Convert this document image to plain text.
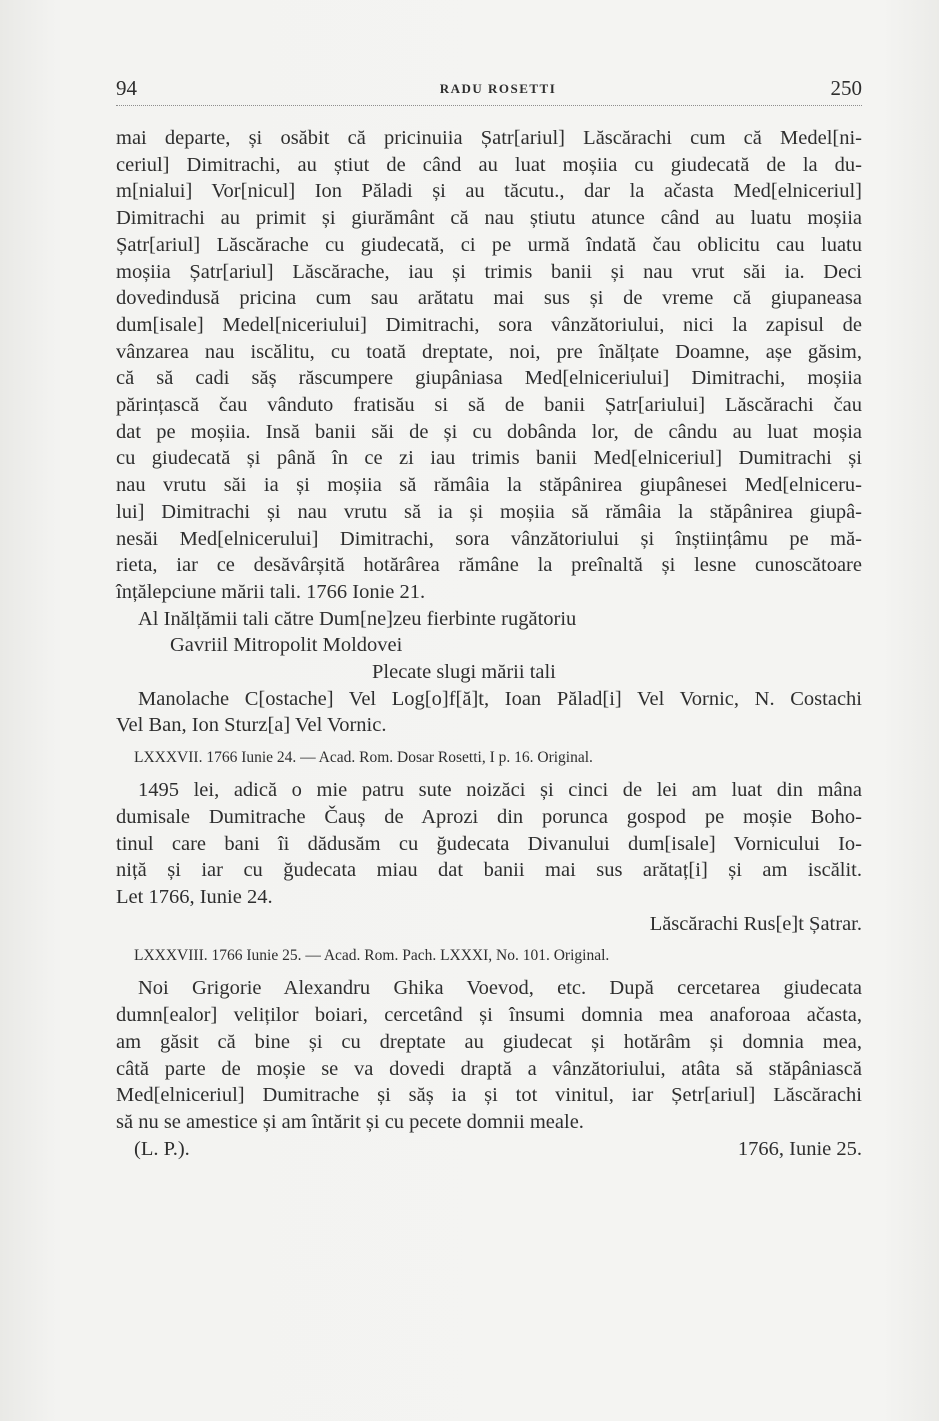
94	RADU ROSETTI	250
mai departe, și osăbit că pricinuiia Șatr[ariul] Lăscărachi cum că Medel[ni-
ceriul] Dimitrachi, au știut de când au luat moșiia cu giudecată de la du-
m[nialui] Vor[nicul] Ion Păladi și au tăcutu., dar la ačasta Med[elniceriul]
Dimitrachi au primit și giurământ că nau știutu atunce când au luatu moșiia
Șatr[ariul] Lăscărache cu giudecată, ci pe urmă îndată čau oblicitu cau luatu
moșiia Șatr[ariul] Lăscărache, iau și trimis banii și nau vrut săi ia. Deci
dovedindusă pricina cum sau arătatu mai sus și de vreme că giupaneasa
dum[isale] Medel[niceriului] Dimitrachi, sora vânzătoriului, nici la zapisul de
vânzarea nau iscălitu, cu toată dreptate, noi, pre înălțate Doamne, așe găsim,
că să cadi săș răscumpere giupâniasa Med[elniceriului] Dimitrachi, moșiia
părințască čau vânduto fratisău si să de banii Șatr[ariului] Lăscărachi čau
dat pe moșiia. Insă banii săi de și cu dobânda lor, de cându au luat moșia
cu giudecată și până în ce zi iau trimis banii Med[elniceriul] Dumitrachi și
nau vrutu săi ia și moșiia să rămâia la stăpânirea giupânesei Med[elniceru-
lui] Dimitrachi și nau vrutu să ia și moșiia să rămâia la stăpânirea giupâ-
nesăi Med[elnicerului] Dimitrachi, sora vânzătoriului și înștiințâmu pe mă-
rieta, iar ce desăvârșită hotărârea rămâne la preînaltă și lesne cunoscătoare
înțălepciune mării tali. 1766 Ionie 21.
Al Inălțămii tali către Dum[ne]zeu fierbinte rugătoriu
Gavriil Mitropolit Moldovei
Plecate slugi mării tali
Manolache C[ostache] Vel Log[o]f[ă]t, Ioan Pălad[i] Vel Vornic, N. Costachi
Vel Ban, Ion Sturz[a] Vel Vornic.
LXXXVII. 1766 Iunie 24. — Acad. Rom. Dosar Rosetti, I p. 16. Original.
1495 lei, adică o mie patru sute noizăci și cinci de lei am luat din mâna
dumisale Dumitrache Čauș de Aprozi din porunca gospod pe moșie Boho-
tinul care bani îi dădusăm cu ğudecata Divanului dum[isale] Vornicului Io-
niță și iar cu ğudecata miau dat banii mai sus arătaț[i] și am iscălit.
Let 1766, Iunie 24.
Lăscărachi Rus[e]t Șatrar.
LXXXVIII. 1766 Iunie 25. — Acad. Rom. Pach. LXXXI, No. 101. Original.
Noi Grigorie Alexandru Ghika Voevod, etc. După cercetarea giudecata
dumn[ealor] veliților boiari, cercetând și însumi domnia mea anaforoaa ačasta,
am găsit că bine și cu dreptate au giudecat și hotărâm și domnia mea,
câtă parte de moșie se va dovedi draptă a vânzătoriului, atâta să stăpâniască
Med[elniceriul] Dumitrache și săș ia și tot vinitul, iar Șetr[ariul] Lăscărachi
să nu se amestice și am întărit și cu pecete domnii meale.
(L. P.).	1766, Iunie 25.
